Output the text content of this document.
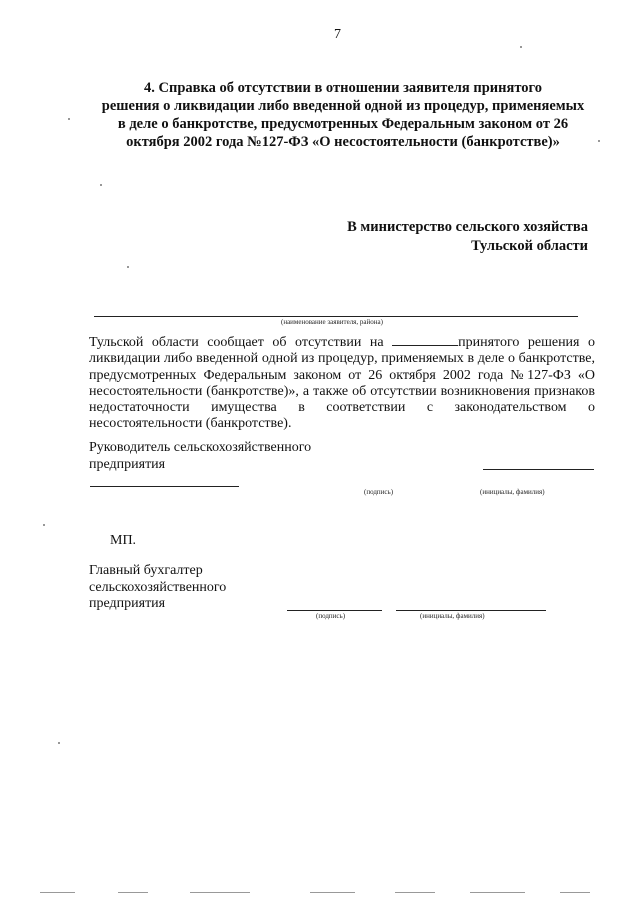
7
4. Справка об отсутствии в отношении заявителя принятого
решения о ликвидации либо введенной одной из процедур, применяемых
в деле о банкротстве, предусмотренных Федеральным законом от 26
октября 2002 года №127-ФЗ «О несостоятельности (банкротстве)»
В министерство сельского хозяйства
Тульской области
(наименование заявителя, района)
Тульской области сообщает об отсутствии на	принятого решения о ликвидации либо введенной одной из процедур, применяемых в деле о банкротстве, предусмотренных Федеральным законом от 26 октября 2002 года №127-ФЗ «О несостоятельности (банкротстве)», а также об отсутствии возникновения признаков недостаточности имущества в соответствии с законодательством о несостоятельности (банкротстве).
Руководитель сельскохозяйственного
предприятия
(подпись)	(инициалы, фамилия)
МП.
Главный бухгалтер
сельскохозяйственного
предприятия
(подпись)	(инициалы, фамилия)
